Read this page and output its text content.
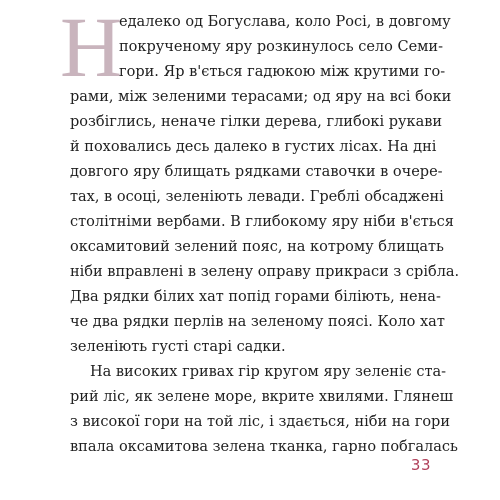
Н
едалеко од Богуслава, коло Росі, в довгому
покрученому яру розкинулось село Семи-
гори. Яр в'ється гадюкою між крутими го-
рами, між зеленими терасами; од яру на всі боки
розбіглись, неначе гілки дерева, глибокі рукави
й поховались десь далеко в густих лісах. На дні
довгого яру блищать рядками ставочки в очере-
тах, в осоці, зеленіють левади. Греблі обсаджені
столітніми вербами. В глибокому яру ніби в'ється
оксамитовий зелений пояс, на котрому блищать
ніби вправлені в зелену оправу прикраси з срібла.
Два рядки білих хат попід горами біліють, нена-
че два рядки перлів на зеленому поясі. Коло хат
зеленіють густі старі садки.
На високих гривах гір кругом яру зеленіє ста-
рий ліс, як зелене море, вкрите хвилями. Глянеш
з високої гори на той ліс, і здається, ніби на гори
впала оксамитова зелена тканка, гарно побгалась
33
